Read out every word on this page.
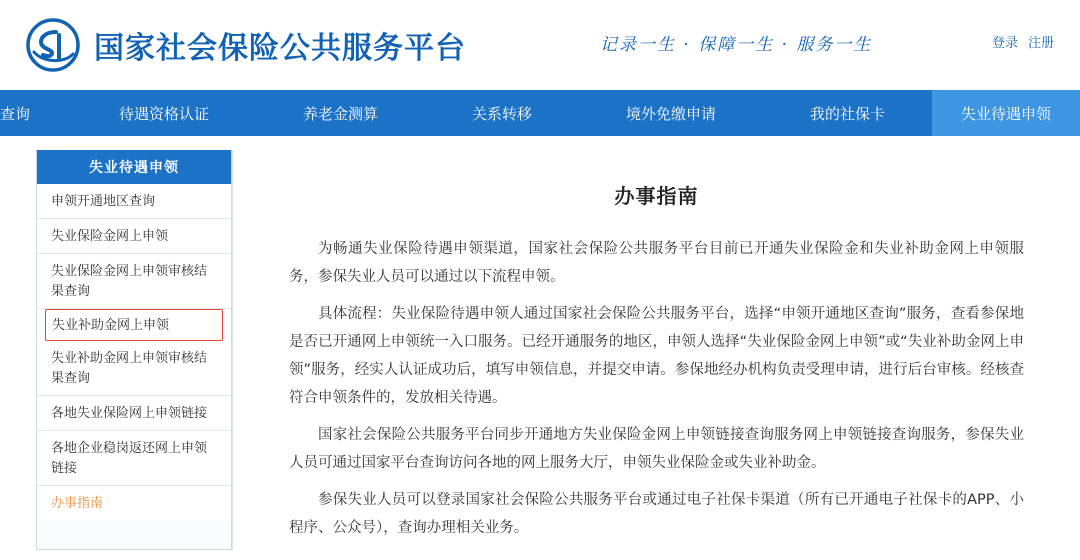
国家社会保险公共服务平台	记录一生 · 保障一生 · 服务一生	登录 注册
查询	待遇资格认证	养老金测算	关系转移	境外免缴申请	我的社保卡	失业待遇申领
失业待遇申领
申领开通地区查询
失业保险金网上申领
失业保险金网上申领审核结果查询
失业补助金网上申领
失业补助金网上申领审核结果查询
各地失业保险网上申领链接
各地企业稳岗返还网上申领链接
办事指南
办事指南

为畅通失业保险待遇申领渠道，国家社会保险公共服务平台目前已开通失业保险金和失业补助金网上申领服务，参保失业人员可以通过以下流程申领。

具体流程：失业保险待遇申领人通过国家社会保险公共服务平台，选择“申领开通地区查询”服务，查看参保地是否已开通网上申领统一入口服务。已经开通服务的地区，申领人选择“失业保险金网上申领”或“失业补助金网上申领”服务，经实人认证成功后，填写申领信息，并提交申请。参保地经办机构负责受理申请，进行后台审核。经核查符合申领条件的，发放相关待遇。

国家社会保险公共服务平台同步开通地方失业保险金网上申领链接查询服务网上申领链接查询服务，参保失业人员可通过国家平台查询访问各地的网上服务大厅，申领失业保险金或失业补助金。

参保失业人员可以登录国家社会保险公共服务平台或通过电子社保卡渠道（所有已开通电子社保卡的APP、小程序、公众号），查询办理相关业务。
